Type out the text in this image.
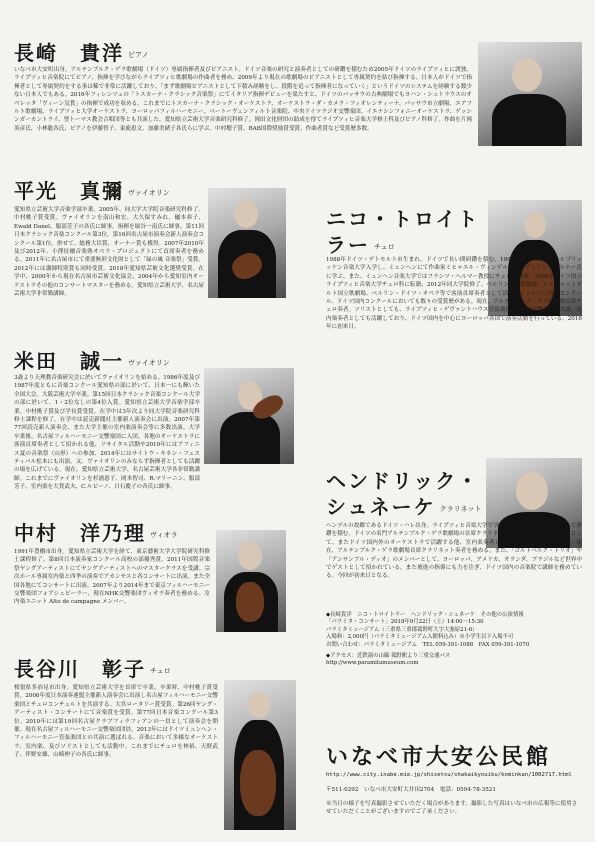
長崎　貴洋 ピアノ
いなべ市大安町出身。アルテンブルク・ゲラ歌劇場（ドイツ）専属指揮者及びピアニスト。ドイツ音楽の研究と演奏者としての研鑽を積むため2005年ドイツのライプツィヒに渡独。ライプツィヒ音楽院にてピアノ、指揮を学びながらライプツィヒ歌劇場の作曲者を務め、2009年より現在の歌劇場のピアニストとして専属契約を結び指揮する。日本人がドイツで指揮者として専属契約をする事は稀で非常に活躍しており、「まず歌劇場ピアニストとして下積み経験をし、段階を追って指揮者になっていく」というドイツのシステムを経験する数少ない日本人でもある。2016年フィレンツェの「トスカーナ・クラシック音楽祭」にてイタリア指揮デビューを果たすと、ドイツのバッサウの古典劇場でもヨハン・シュトラウスのオペレッタ「ヴィーン気質」の指揮で成功を収める。これまでにトスカーナ・クラシック・オーケストラ、オーケストラ・ダ・カメラ・フィオレンティーナ、パッサウ市立劇場、エアフルト歌劇場、ライプツィヒ大学オーケストラ、ヨーロッパフィルハーモニー、ベートーヴェンフィルト音楽院、中央ドイツラジオ交響楽団、イエナシンフォニーオーケストラ、ゲッシンガーカントライ、聖トーマス教会合唱団等とも共演した。愛知県立芸術大学音楽研究科修了。岡田文化財団の助成を得てライプツィヒ音楽大学修士科及びピアノ科修了。作曲を片岡英彦氏、小林聡各氏、ピアノを伊藤智子、東鹿恵文、加藤美緒子各氏らに学ぶ。中村穂子賞、BAB国際奨励賞受賞。作曲者賞など受賞歴多数。
平光　真彌 ヴァイオリン
愛知県立芸術大学音楽学部卒業。2005年、同大学大学院音楽研究科修了。中村桃子賞受賞。ヴァイオリンを南山和宏、大久保すみれ、樋本恭子、Ewald Danel、服部芳子の各氏に師事。指揮を堀谷一南氏に師事。第11回日本クラシック音楽コンクール第3位。第16回名古屋市演奏会新人演奏会コンクール第1位。併せて、総務大臣賞、オーナー賞も獲得。2007年2010年及び2012年、小澤征爾音楽塾オペラ・プロジェクトにて首席奏者を務める。2011年に名古屋市にて重要無形文化財として「緑の風 音楽祭」受賞。2012年には講師特別賞も同時受賞。2018年愛知県芸術文化選奨受賞。在学中、2000年から現在名古屋市芸術文化協会、2004年から愛知室内オーケストラその他のコンサートマスターを務める。愛知県立芸術大学、名古屋芸術大学非常勤講師。
米田　誠一 ヴァイオリン
3歳より天理教音楽研究会に於いてヴァイオリンを始める。1986年度及び1987年度ともに音楽コンクール愛知県の部に於いて、日本一にも輝いた全国大会。大阪芸術大学卒業。第15回日本クラシック音楽コンクール大学の部に於いて、1・2位なしの第4位入賞。愛知県立芸術大学音楽学部卒業。中村桃子賞及び学長賞受賞。在学中は3年次より同大学院音楽研究科修士課程を修了。在学中は読売新聞社主催新人演奏会に出演。2007年第77回読売新人演奏会、また大学主催の室内楽演奏会等に多数出演。大学卒業後、名古屋フィルハーモニー交響楽団に入団。各地のオーケストラに客演首席奏者として招かれる他、リサイタル活動や2010年にはアフィニス夏の音楽祭（山形）への参加、2014年にはサイトウ・キネン・フェスティバル松本にも出演。又、ヴァイオリンのみならず指揮者としても活躍の場を広げている。現在、愛知県立芸術大学、名古屋芸術大学各非常勤講師。これまでにヴァイオリンを杉浦恵子、岡本智司、R.マリーニン、服部芳子、室内楽を大賀武夫、C.ルビーノ、日石慶子の各氏に師事。
中村　洋乃理 ヴィオラ
1991年豊橋市出身。愛知県立芸術大学を経て、東京藝術大学大学院研究科修士課程修了。第8回日本演奏家コンクール高校の部優秀賞。2011年国際音楽祭ヤングアーティストにてヤングアーティストへのマスタークラスを受講。宗次ホール専属室内楽と四季の演奏でアカンサスと各コンサートに出演。また全国各地にてコンサートに出演。2007年より2014年まで東京フィルハーモニー交響楽団フォアシュピーラー、現在NHK交響楽団ヴィオラ奏者を務める。室内楽ユニット Alto de campagne メンバー。
長谷川　彰子 チェロ
桜張県多治見市出身。愛知県立芸術大学を首席で卒業。卒業時、中村桃子賞受賞。2006年度日本演奏連盟主催新人演奏会に出演し名古屋フィルハーモニー交響楽団とチェロコンチェルトを共演する。大宮ロータリー賞受賞。第26回ヤング・アーティスト・コンサートにて音楽賞を受賞。第77回日本音楽コンクール第3位。2010年には第19回名古屋クラブフィラフィアンの一員として演奏会を開催。現在名古屋フィルハーモニー交響楽団団員。2013年にはドイツミュンヘン・フィルハーモニー管弦楽団との共演に選ばれる。音楽において多様なオーケストラ、室内楽、及びソリストとしても活動中。これまでにチェロを林裕、天野武子、伴野安雄、山崎伸子の各氏に師事。
ニコ・トロイトラー チェロ
1988年ドイツ・デトモルト市生まれ。ドイツで長い間研鑽を積む。1996年ドイツ国立ザールブリュッケン音楽大学入学し、ミュンヘンにて作曲家ミヒャエル・ヴィンゲルト氏、アンドレア・ルナー氏に学ぶ。また、ミュンヘン音楽大学ではフランツ・ヘルマー教授にチェロを師事。2009年ドイツ国立ライプツィヒ音楽大学チェロ科に転籍、2012年同大学院修了。ベルリン国立歌劇場、シュトゥットガルト国立歌劇場、ベルリン・ドイツ・オペラ等で客演首席奏者として活躍。ミュンヘン国際コンクール、ドイツ国内コンクールにおいても数々の受賞歴がある。現在、アルテンブルク・ゲラ歌劇場首席チェロ奏者。ソリストとしても、ライプツィヒ・ゲヴァントハウス管弦楽団、MDR交響楽団と共演。室内楽奏者としても活躍しており、ドイツ国内を中心にヨーロッパ各国で演奏活動を行っている。2016年に初来日。
ヘンドリック・シュネーケ クラリネット
ヘンデルの故郷であるドイツ・ハレ出身。ライプツィヒ音楽大学で学び、ノルウェー・サヴォーニで研鑽を積む。ドイツの名門アルテンブルク・ゲラ歌劇場の首席クラリネット奏者を務める。ソリストとして、またドイツ国内外のオーケストラで活躍する他、室内楽奏者としても多くの演奏会に出演。現在、アルテンブルク・ゲラ歌劇場首席クラリネット奏者を務める。また、「ゴルトベルク・トリオ」や「アンサンブル・ディオ」のメンバーとして、ヨーロッパ、アメリカ、オランダ、ブラジルなど世界中でゲストとして招かれている。また後進の指導にも力を注ぎ、ドイツ国内の音楽院で講師を務めている。今回が初来日となる。
◆長崎貴洋　ニコ・トロイトラー　ヘンドリック・シュネーケ　その他の公演情報
「パラミタ・コンサート」2018年9月22日（土）14:00～15:30
パラミタミュージアム（三重県三重郡菰野町大字大強原21-6）
入場料：2,000円（パラミタミュージアム入館料込み）※小学生以下入場不可
お問い合わせ：パラミタミュージアム　TEL 059-391-1088　FAX 059-391-1070
◆アクセス：近鉄湯の山線 菰野駅より三重交通バス
http://www.paramitamuseum.com
いなべ市大安公民館
http://www.city.inabe.mie.jp/shisetsu/shakaikyouiku/kominkan/1002717.html
〒511-0292　いなべ市大安町大井田2704　電話：0594-78-3521
※当日の様子を写真撮影させていただく場合があります。撮影した写真はいなべ市の広報等に使用させていただくことがございますのでご了承ください。
